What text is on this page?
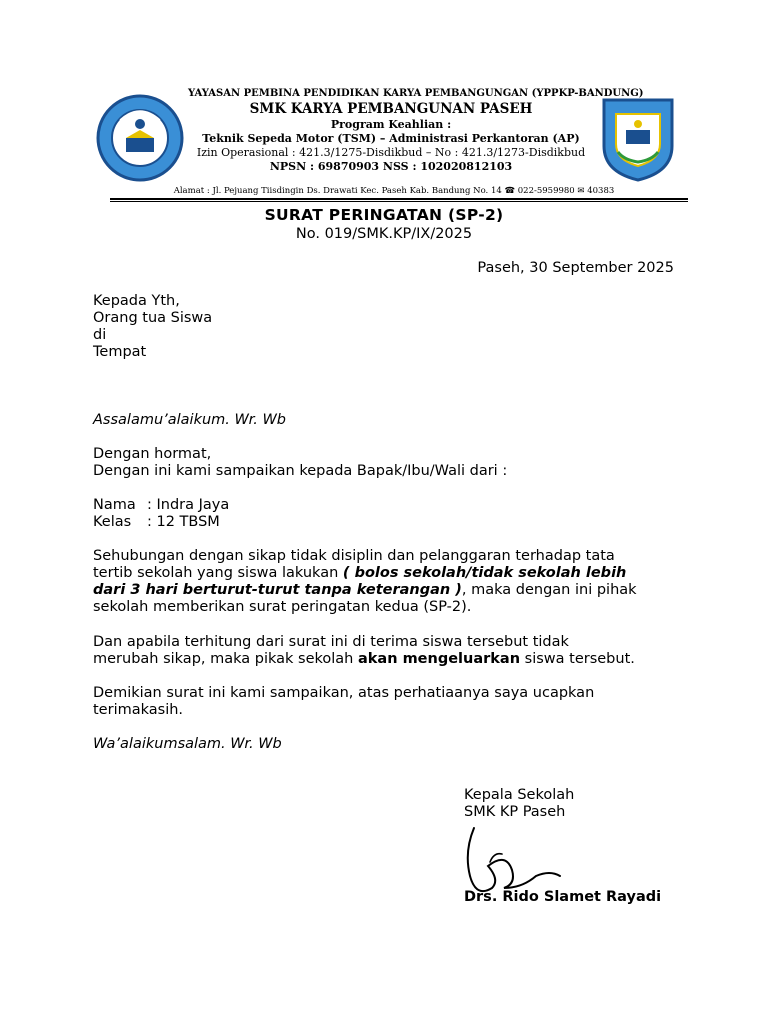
YAYASAN PEMBINA PENDIDIKAN KARYA PEMBANGUNGAN (YPPKP-BANDUNG)
SMK KARYA PEMBANGUNAN PASEH
Program Keahlian :
Teknik Sepeda Motor (TSM) – Administrasi Perkantoran (AP)
Izin Operasional : 421.3/1275-Disdikbud – No : 421.3/1273-Disdikbud
NPSN : 69870903 NSS : 102020812103
Alamat : Jl. Pejuang Tiisdingin Ds. Drawati Kec. Paseh Kab. Bandung No. 14 ☎ 022-5959980 ✉ 40383
SURAT PERINGATAN (SP-2)
No. 019/SMK.KP/IX/2025
Paseh, 30 September 2025
Kepada Yth,
Orang tua Siswa
di
Tempat
Assalamu’alaikum. Wr. Wb
Dengan hormat,
Dengan ini kami sampaikan kepada Bapak/Ibu/Wali dari :
Nama : Indra Jaya
Kelas : 12 TBSM
Sehubungan dengan sikap tidak disiplin dan pelanggaran terhadap tata
tertib sekolah yang siswa lakukan ( bolos sekolah/tidak sekolah lebih
dari 3 hari berturut-turut tanpa keterangan ), maka dengan ini pihak
sekolah memberikan surat peringatan kedua (SP-2).
Dan apabila terhitung dari surat ini di terima siswa tersebut tidak
merubah sikap, maka pikak sekolah akan mengeluarkan siswa tersebut.
Demikian surat ini kami sampaikan, atas perhatiaanya saya ucapkan
terimakasih.
Wa’alaikumsalam. Wr. Wb
Kepala Sekolah
SMK KP Paseh
Drs. Rido Slamet Rayadi
